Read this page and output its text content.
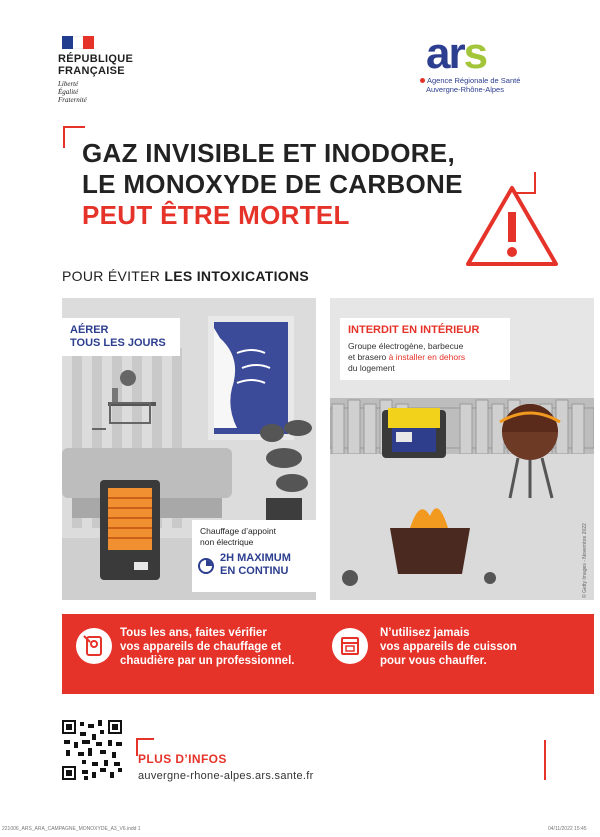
RÉPUBLIQUE
FRANÇAISE
Liberté
Égalité
Fraternité
ars
Agence Régionale de Santé
Auvergne-Rhône-Alpes
GAZ INVISIBLE ET INODORE,
LE MONOXYDE DE CARBONE
PEUT ÊTRE MORTEL
POUR ÉVITER LES INTOXICATIONS
AÉRER
TOUS LES JOURS
Chauffage d’appoint
non électrique
2H MAXIMUM
EN CONTINU
INTERDIT EN INTÉRIEUR
Groupe électrogène, barbecue
et brasero à installer en dehors
du logement
© Getty Images - Novembre 2022
Tous les ans, faites vérifier
vos appareils de chauffage et
chaudière par un professionnel.
N’utilisez jamais
vos appareils de cuisson
pour vous chauffer.
PLUS D’INFOS
auvergne-rhone-alpes.ars.sante.fr
221006_ARS_ARA_CAMPAGNE_MONOXYDE_A3_V6.indd 1	04/11/2022 15:45
